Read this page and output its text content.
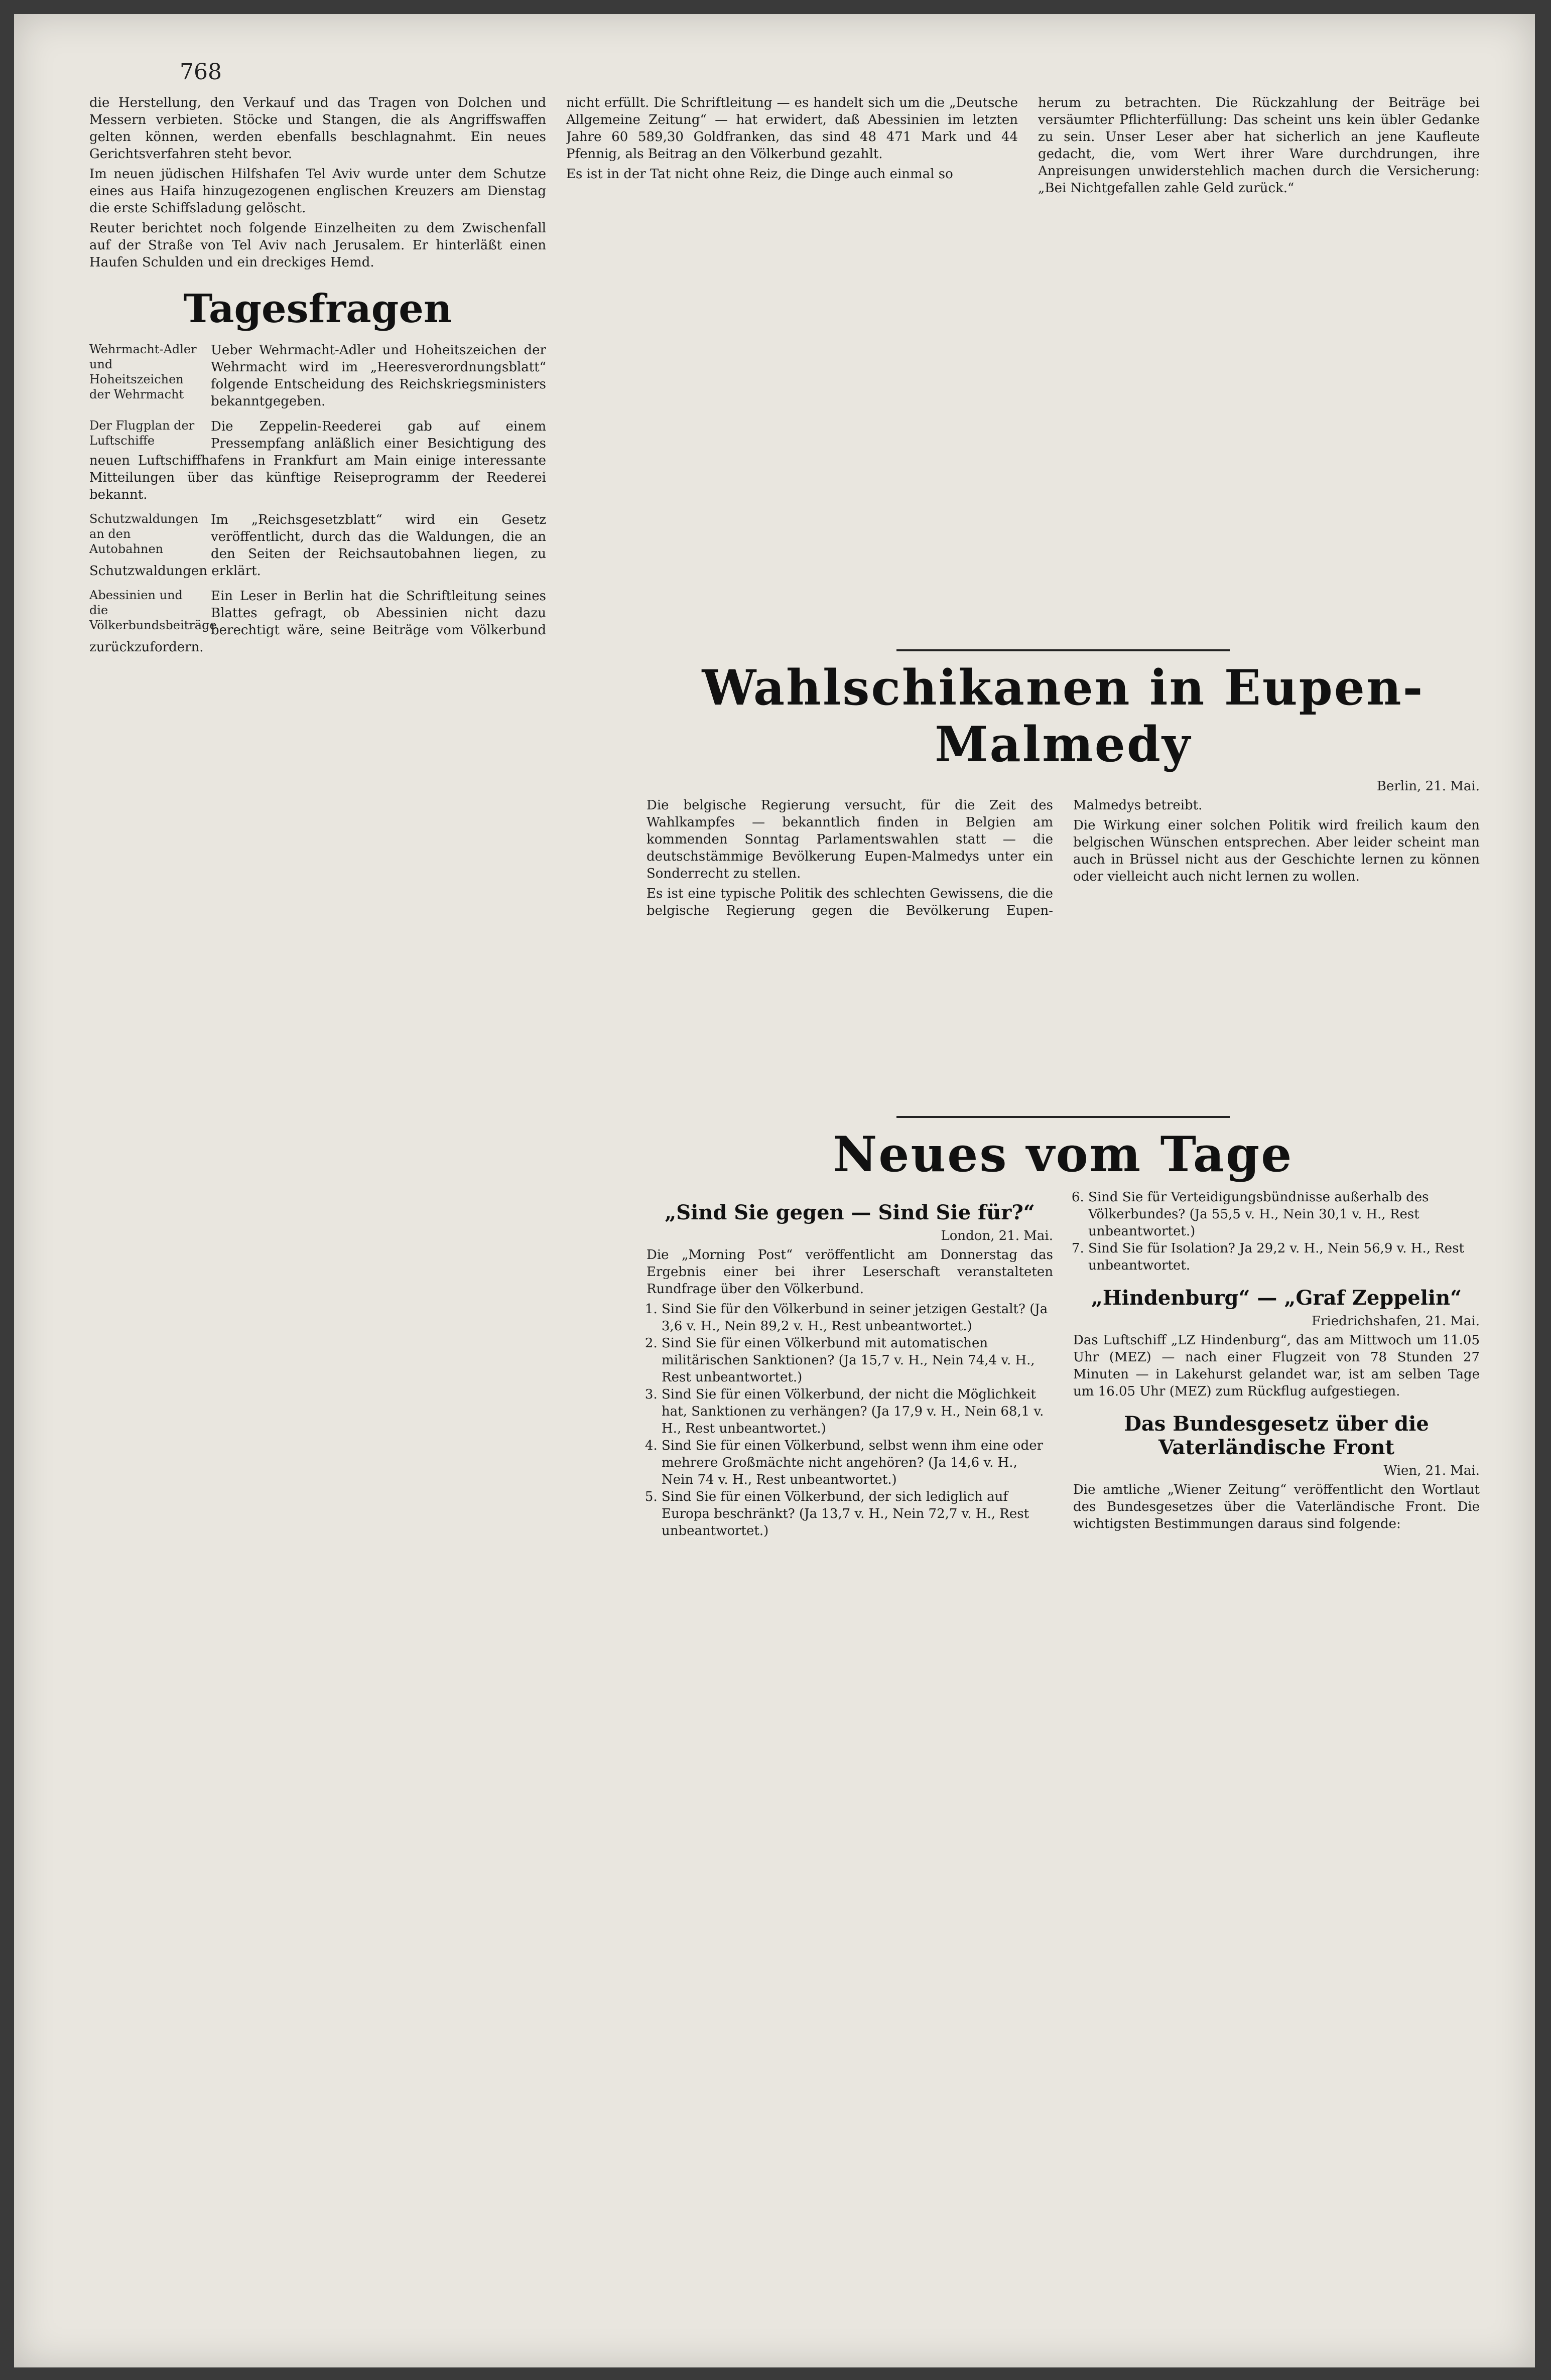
768

die Herstellung, den Verkauf und das Tragen von Dolchen und Messern verbieten. Stöcke und Stangen, die als Angriffswaffen gelten können, werden ebenfalls beschlagnahmt. Ein neues Gerichtsverfahren steht bevor.

Im neuen jüdischen Hilfshafen Tel Aviv wurde unter dem Schutze eines aus Haifa hinzugezogenen englischen Kreuzers am Dienstag die erste Schiffsladung gelöscht.

Reuter berichtet noch folgende Einzelheiten zu dem Zwischenfall auf der Straße von Tel Aviv nach Jerusalem. Er hinterläßt einen Haufen Schulden und ein dreckiges Hemd.

Tagesfragen
Wehrmacht-Adler und Hoheitszeichen der Wehrmacht

Ueber Wehrmacht-Adler und Hoheitszeichen der Wehrmacht wird im „Heeresverordnungsblatt“ folgende Entscheidung des Reichskriegsministers bekanntgegeben.

Der Flugplan der Luftschiffe

Die Zeppelin-Reederei gab auf einem Pressempfang anläßlich einer Besichtigung des neuen Luftschiffhafens in Frankfurt am Main einige interessante Mitteilungen über das künftige Reiseprogramm der Reederei bekannt.

Schutzwaldungen an den Autobahnen

Im „Reichsgesetzblatt“ wird ein Gesetz veröffentlicht, durch das die Waldungen, die an den Seiten der Reichsautobahnen liegen, zu Schutzwaldungen erklärt.

Abessinien und die Völkerbundsbeiträge

Ein Leser in Berlin hat die Schriftleitung seines Blattes gefragt, ob Abessinien nicht dazu berechtigt wäre, seine Beiträge vom Völkerbund zurückzufordern.

nicht erfüllt. Die Schriftleitung — es handelt sich um die „Deutsche Allgemeine Zeitung“ — hat erwidert, daß Abessinien im letzten Jahre 60 589,30 Goldfranken, das sind 48 471 Mark und 44 Pfennig, als Beitrag an den Völkerbund gezahlt.

Es ist in der Tat nicht ohne Reiz, die Dinge auch einmal so

herum zu betrachten. Die Rückzahlung der Beiträge bei versäumter Pflichterfüllung: Das scheint uns kein übler Gedanke zu sein. Unser Leser aber hat sicherlich an jene Kaufleute gedacht, die, vom Wert ihrer Ware durchdrungen, ihre Anpreisungen unwiderstehlich machen durch die Versicherung: „Bei Nichtgefallen zahle Geld zurück.“

Wahlschikanen in Eupen-Malmedy
Berlin, 21. Mai.

Die belgische Regierung versucht, für die Zeit des Wahlkampfes — bekanntlich finden in Belgien am kommenden Sonntag Parlamentswahlen statt — die deutschstämmige Bevölkerung Eupen-Malmedys unter ein Sonderrecht zu stellen.

Es ist eine typische Politik des schlechten Gewissens, die die belgische Regierung gegen die Bevölkerung Eupen-Malmedys betreibt.

Die Wirkung einer solchen Politik wird freilich kaum den belgischen Wünschen entsprechen. Aber leider scheint man auch in Brüssel nicht aus der Geschichte lernen zu können oder vielleicht auch nicht lernen zu wollen.

Neues vom Tage
„Sind Sie gegen — Sind Sie für?“
London, 21. Mai.

Die „Morning Post“ veröffentlicht am Donnerstag das Ergebnis einer bei ihrer Leserschaft veranstalteten Rundfrage über den Völkerbund.

1. Sind Sie für den Völkerbund in seiner jetzigen Gestalt? (Ja 3,6 v. H., Nein 89,2 v. H., Rest unbeantwortet.)
2. Sind Sie für einen Völkerbund mit automatischen militärischen Sanktionen? (Ja 15,7 v. H., Nein 74,4 v. H., Rest unbeantwortet.)
3. Sind Sie für einen Völkerbund, der nicht die Möglichkeit hat, Sanktionen zu verhängen? (Ja 17,9 v. H., Nein 68,1 v. H., Rest unbeantwortet.)
4. Sind Sie für einen Völkerbund, selbst wenn ihm eine oder mehrere Großmächte nicht angehören? (Ja 14,6 v. H., Nein 74 v. H., Rest unbeantwortet.)
5. Sind Sie für einen Völkerbund, der sich lediglich auf Europa beschränkt? (Ja 13,7 v. H., Nein 72,7 v. H., Rest unbeantwortet.)
6. Sind Sie für Verteidigungsbündnisse außerhalb des Völkerbundes? (Ja 55,5 v. H., Nein 30,1 v. H., Rest unbeantwortet.)
7. Sind Sie für Isolation? Ja 29,2 v. H., Nein 56,9 v. H., Rest unbeantwortet.
„Hindenburg“ — „Graf Zeppelin“
Friedrichshafen, 21. Mai.

Das Luftschiff „LZ Hindenburg“, das am Mittwoch um 11.05 Uhr (MEZ) — nach einer Flugzeit von 78 Stunden 27 Minuten — in Lakehurst gelandet war, ist am selben Tage um 16.05 Uhr (MEZ) zum Rückflug aufgestiegen.

Das Bundesgesetz über die Vaterländische Front
Wien, 21. Mai.

Die amtliche „Wiener Zeitung“ veröffentlicht den Wortlaut des Bundesgesetzes über die Vaterländische Front. Die wichtigsten Bestimmungen daraus sind folgende:
